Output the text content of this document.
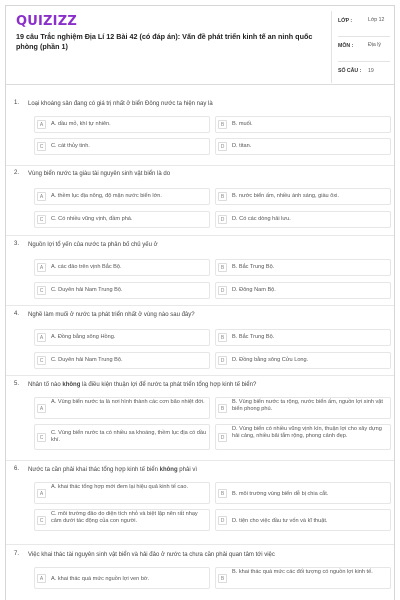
QUIZIZZ
19 câu Trắc nghiệm Địa Lí 12 Bài 42 (có đáp án): Vấn đề phát triển kinh tế an ninh quốc phòng (phần 1)
LỚP :	Lớp 12
MÔN :	Địa lý
SỐ CÂU : 19
1. Loại khoáng sản đang có giá trị nhất ở biển Đông nước ta hiện nay là
A	A. dầu mỏ, khí tự nhiên.	B	B. muối.
C	C. cát thủy tinh.	D	D. titan.
2. Vùng biển nước ta giàu tài nguyên sinh vật biển là do
A	A. thềm lục địa nông, độ mặn nước biển lớn.	B	B. nước biển ấm, nhiều ánh sáng, giàu ôxi.
C	C. Có nhiều vũng vịnh, đầm phá.	D	D. Có các dòng hải lưu.
3. Nguồn lợi tổ yến của nước ta phân bố chủ yếu ở
A	A. các đảo trên vịnh Bắc Bộ.	B	B. Bắc Trung Bộ.
C	C. Duyên hải Nam Trung Bộ.	D	D. Đông Nam Bộ.
4. Nghề làm muối ở nước ta phát triển nhất ở vùng nào sau đây?
A	A. Đồng bằng sông Hồng.	B	B. Bắc Trung Bộ.
C	C. Duyên hải Nam Trung Bộ.	D	D. Đồng bằng sông Cửu Long.
5. Nhân tố nào không là điều kiện thuận lợi để nước ta phát triển tổng hợp kinh tế biển?
A
A. Vùng biển nước ta là nơi hình thành các cơn bão nhiệt đới.
B
B. Vùng biển nước ta rộng, nước biển ấm, nguồn lợi sinh vật biển phong phú.
C
C. Vùng biển nước ta có nhiều sa khoáng, thềm lục địa có dầu khí.	D
D. Vùng biển có nhiều vũng vịnh kín, thuận lợi cho xây dựng hải cảng, nhiều bãi tắm rộng, phong cảnh đẹp.
6. Nước ta cần phải khai thác tổng hợp kinh tế biển không phải vì
A
A. khai thác tổng hợp mới đem lại hiệu quả kinh tế cao.
B	B. môi trường vùng biển dễ bị chia cắt.
C
C. môi trường đảo do diện tích nhỏ và biệt lập nên rất nhạy cảm dưới tác động của con người.	D	D. tiện cho việc đầu tư vốn và kĩ thuật.
7. Việc khai thác tài nguyên sinh vật biển và hải đảo ở nước ta chưa cần phải quan tâm tới việc
A	A. khai thác quá mức nguồn lợi ven bờ.	B
B. khai thác quá mức các đối tượng có nguồn lợi kinh tế.
